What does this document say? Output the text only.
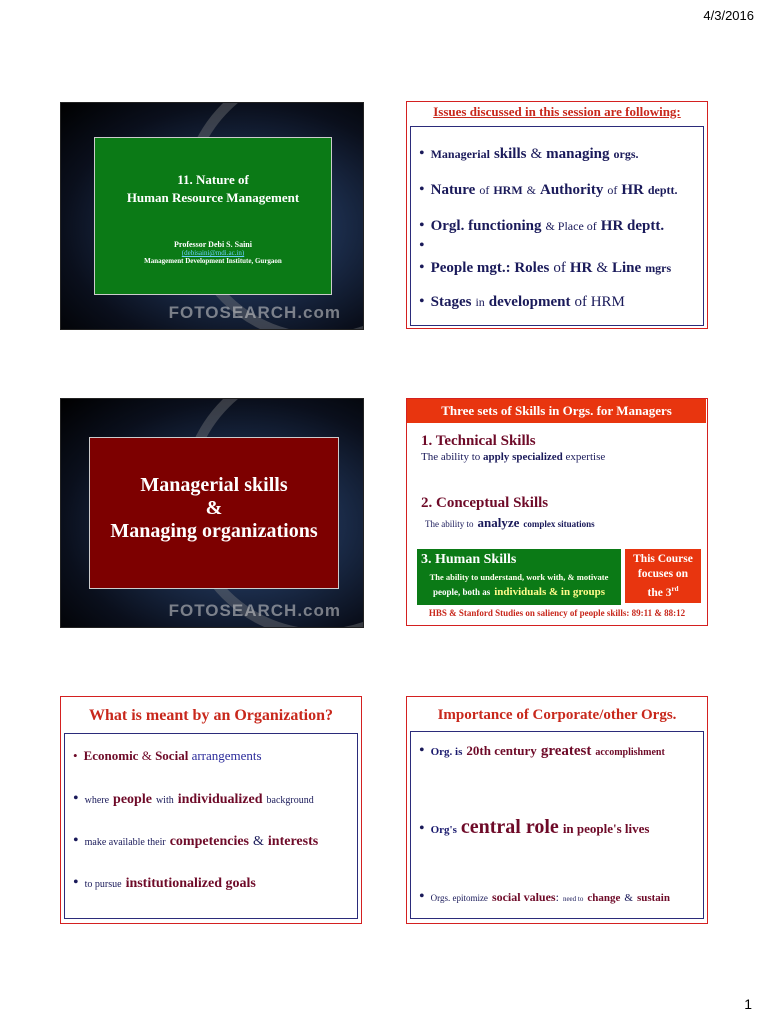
4/3/2016
11. Nature of
Human Resource Management
Professor Debi S. Saini
(debisaini@mdi.ac.in)
Management Development Institute, Gurgaon
FOTOSEARCH.com
Issues discussed in this session are following:
• Managerial skills & managing orgs.
• Nature of HRM & Authority of HR deptt.
• Orgl. functioning & Place of HR deptt.
•
• People mgt.: Roles of HR & Line mgrs
• Stages in development of HRM
Managerial skills
&
Managing organizations
FOTOSEARCH.com
Three sets of Skills in Orgs. for Managers
1. Technical Skills
The ability to apply specialized expertise
2. Conceptual Skills
The ability to analyze complex situations
3. Human Skills
The ability to understand, work with, & motivate
people, both as individuals & in groups
This Course
focuses on
the 3rd
HBS & Stanford Studies on saliency of people skills: 89:11 & 88:12
What is meant by an Organization?
• Economic & Social arrangements
• where people with individualized background
• make available their competencies & interests
• to pursue institutionalized goals
Importance of Corporate/other Orgs.
• Org. is 20th century greatest accomplishment
• Org's central role in people's lives
• Orgs. epitomize social values: need to change & sustain
1
